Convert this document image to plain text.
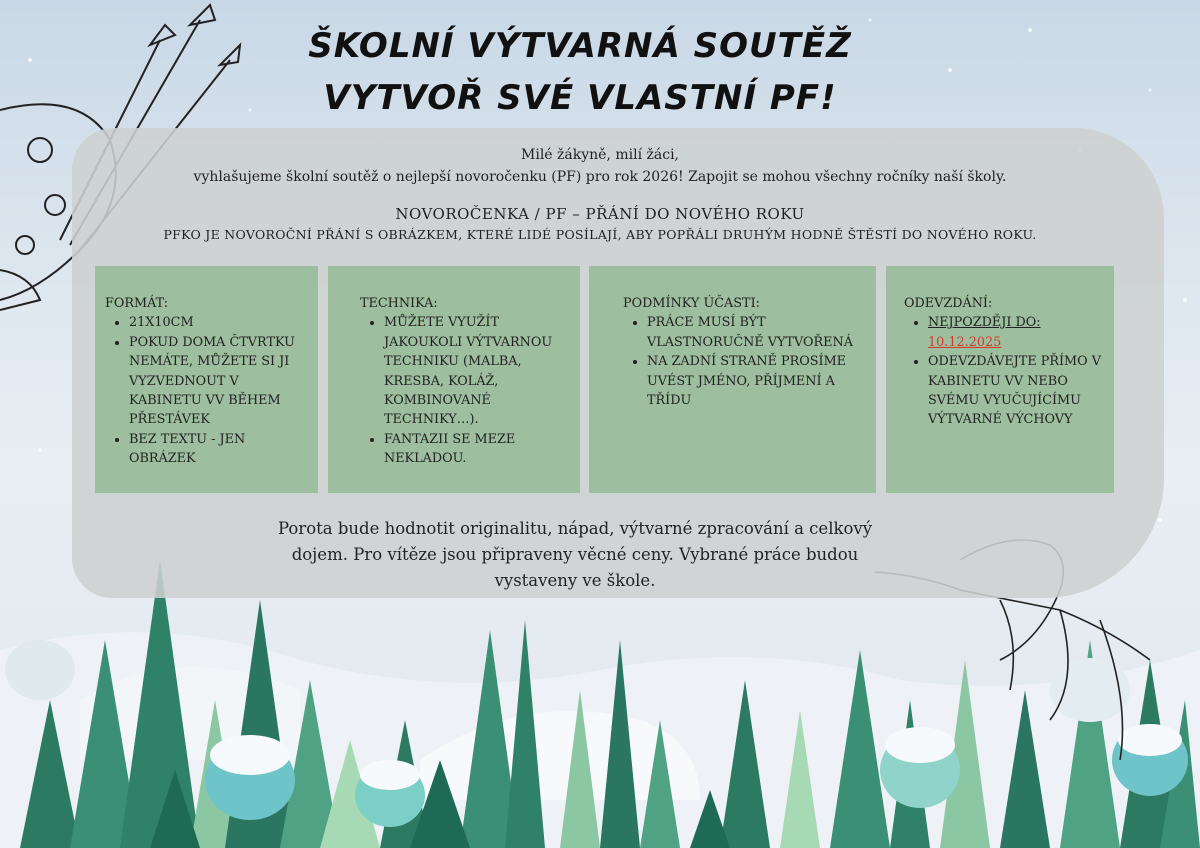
ŠKOLNÍ VÝTVARNÁ SOUTĚŽ
VYTVOŘ SVÉ VLASTNÍ PF!
Milé žákyně, milí žáci,
vyhlašujeme školní soutěž o nejlepší novoročenku (PF) pro rok 2026! Zapojit se mohou všechny ročníky naší školy.
NOVOROČENKA / PF – PŘÁNÍ DO NOVÉHO ROKU
PFKO JE NOVOROČNÍ PŘÁNÍ S OBRÁZKEM, KTERÉ LIDÉ POSÍLAJÍ, ABY POPŘÁLI DRUHÝM HODNĚ ŠTĚSTÍ DO NOVÉHO ROKU.
FORMÁT:
• 21X10CM
• POKUD DOMA ČTVRTKU NEMÁTE, MŮŽETE SI JI VYZVEDNOUT V KABINETU VV BĚHEM PŘESTÁVEK
• BEZ TEXTU - JEN OBRÁZEK
TECHNIKA:
• MŮŽETE VYUŽÍT JAKOUKOLI VÝTVARNOU TECHNIKU (MALBA, KRESBA, KOLÁŽ, KOMBINOVANÉ TECHNIKY…).
• FANTAZII SE MEZE NEKLADOU.
PODMÍNKY ÚČASTI:
• PRÁCE MUSÍ BÝT VLASTNORUČNĚ VYTVOŘENÁ
• NA ZADNÍ STRANĚ PROSÍME UVÉST JMÉNO, PŘÍJMENÍ A TŘÍDU
ODEVZDÁNÍ:
• NEJPOZDĚJI DO:
10.12.2025
• ODEVZDÁVEJTE PŘÍMO V KABINETU VV NEBO SVÉMU VYUČUJÍCÍMU VÝTVARNÉ VÝCHOVY
Porota bude hodnotit originalitu, nápad, výtvarné zpracování a celkový dojem. Pro vítěze jsou připraveny věcné ceny. Vybrané práce budou vystaveny ve škole.
